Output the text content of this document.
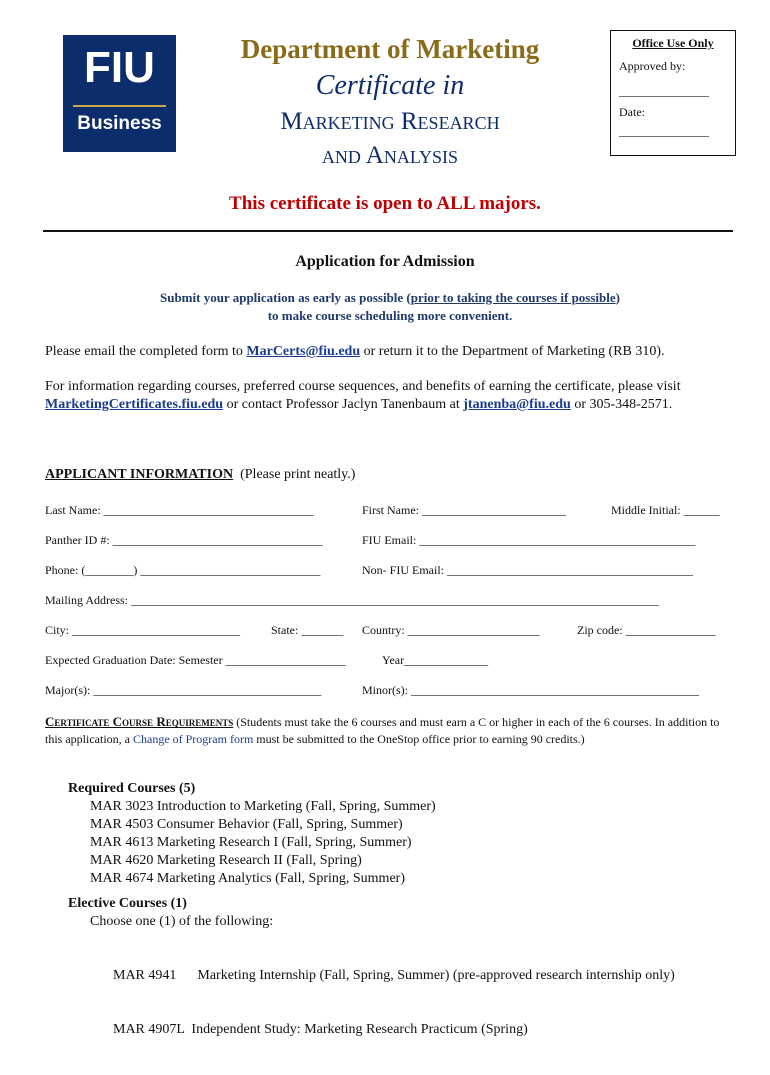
FIU
Business
Department of Marketing
Certificate in
Marketing Research
and Analysis
Office Use Only
Approved by:
_______________
Date:
_______________
This certificate is open to ALL majors.
Application for Admission
Submit your application as early as possible (prior to taking the courses if possible)
to make course scheduling more convenient.
Please email the completed form to MarCerts@fiu.edu or return it to the Department of Marketing (RB 310).
For information regarding courses, preferred course sequences, and benefits of earning the certificate, please visit MarketingCertificates.fiu.edu or contact Professor Jaclyn Tanenbaum at jtanenba@fiu.edu or 305-348-2571.
APPLICANT INFORMATION (Please print neatly.)
Last Name: ___________________________________	First Name: ________________________	Middle Initial: ______
Panther ID #: ___________________________________	FIU Email: ______________________________________________
Phone: (________) ______________________________	Non- FIU Email: _________________________________________
Mailing Address: ________________________________________________________________________________________
City: ____________________________	State: _______ Country: ______________________	Zip code: _______________
Expected Graduation Date: Semester ____________________	Year______________
Major(s): ______________________________________	Minor(s): ________________________________________________
Certificate Course Requirements (Students must take the 6 courses and must earn a C or higher in each of the 6 courses. In addition to this application, a Change of Program form must be submitted to the OneStop office prior to earning 90 credits.)
Required Courses (5)
MAR 3023 Introduction to Marketing (Fall, Spring, Summer)
MAR 4503 Consumer Behavior (Fall, Spring, Summer)
MAR 4613 Marketing Research I (Fall, Spring, Summer)
MAR 4620 Marketing Research II (Fall, Spring)
MAR 4674 Marketing Analytics (Fall, Spring, Summer)
Elective Courses (1)
Choose one (1) of the following:

MAR 4941      Marketing Internship (Fall, Spring, Summer) (pre-approved research internship only)

MAR 4907L  Independent Study: Marketing Research Practicum (Spring)
